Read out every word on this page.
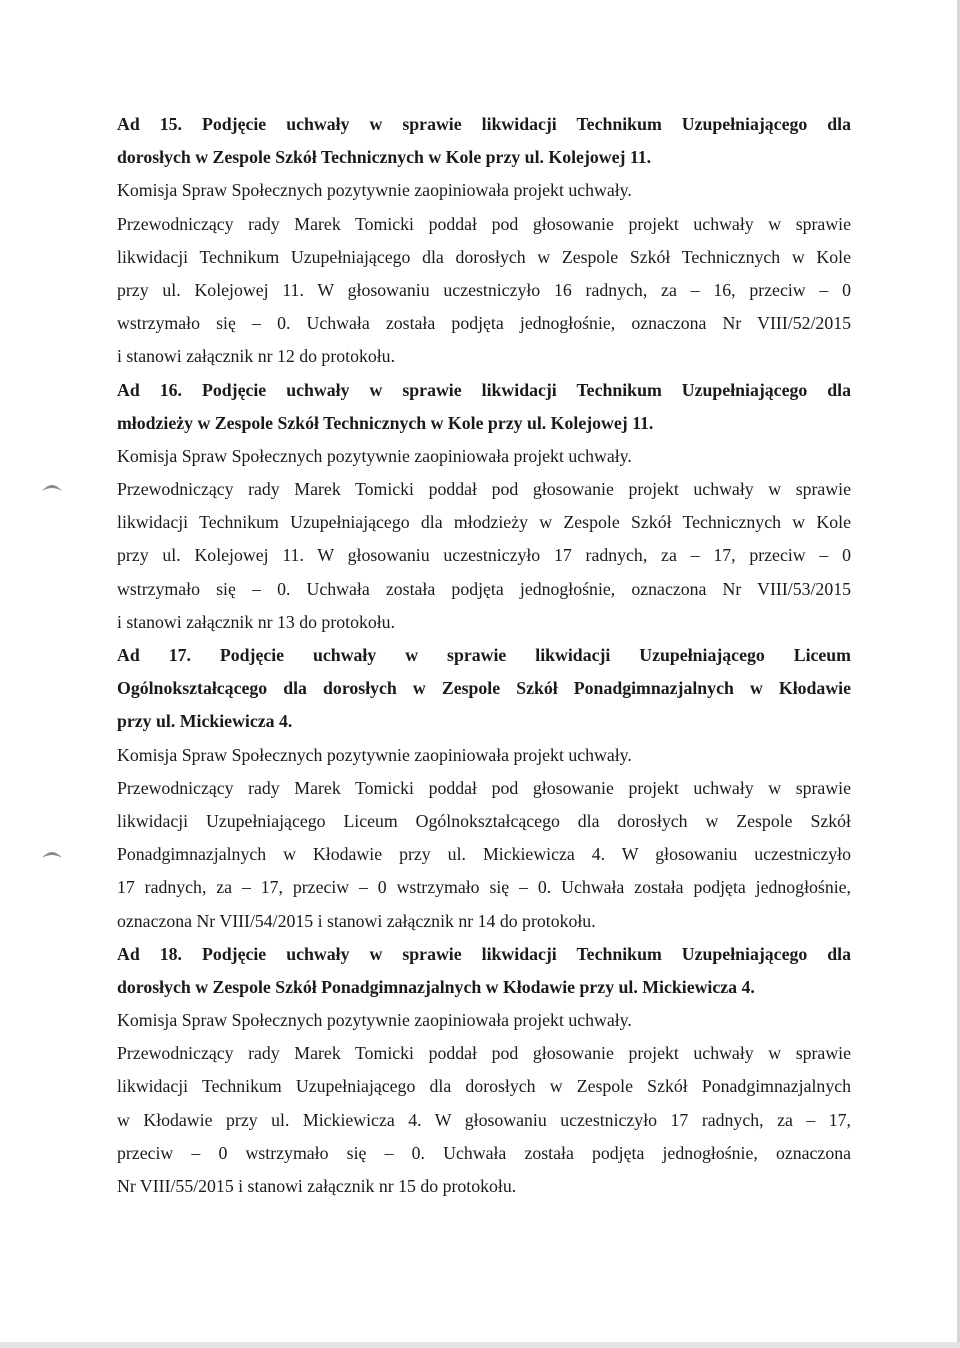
Ad 15. Podjęcie uchwały w sprawie likwidacji Technikum Uzupełniającego dla
dorosłych w Zespole Szkół Technicznych w Kole przy ul. Kolejowej 11.
Komisja Spraw Społecznych pozytywnie zaopiniowała projekt uchwały.
Przewodniczący rady Marek Tomicki poddał pod głosowanie projekt uchwały w sprawie
likwidacji Technikum Uzupełniającego dla dorosłych w Zespole Szkół Technicznych w Kole
przy ul. Kolejowej 11. W głosowaniu uczestniczyło 16 radnych, za – 16, przeciw – 0
wstrzymało się – 0. Uchwała została podjęta jednogłośnie, oznaczona Nr VIII/52/2015
i stanowi załącznik nr 12 do protokołu.
Ad 16. Podjęcie uchwały w sprawie likwidacji Technikum Uzupełniającego dla
młodzieży w Zespole Szkół Technicznych w Kole przy ul. Kolejowej 11.
Komisja Spraw Społecznych pozytywnie zaopiniowała projekt uchwały.
Przewodniczący rady Marek Tomicki poddał pod głosowanie projekt uchwały w sprawie
likwidacji Technikum Uzupełniającego dla młodzieży w Zespole Szkół Technicznych w Kole
przy ul. Kolejowej 11. W głosowaniu uczestniczyło 17 radnych, za – 17, przeciw – 0
wstrzymało się – 0. Uchwała została podjęta jednogłośnie, oznaczona Nr VIII/53/2015
i stanowi załącznik nr 13 do protokołu.
Ad 17. Podjęcie uchwały w sprawie likwidacji Uzupełniającego Liceum
Ogólnokształcącego dla dorosłych w Zespole Szkół Ponadgimnazjalnych w Kłodawie
przy ul. Mickiewicza 4.
Komisja Spraw Społecznych pozytywnie zaopiniowała projekt uchwały.
Przewodniczący rady Marek Tomicki poddał pod głosowanie projekt uchwały w sprawie
likwidacji Uzupełniającego Liceum Ogólnokształcącego dla dorosłych w Zespole Szkół
Ponadgimnazjalnych w Kłodawie przy ul. Mickiewicza 4. W głosowaniu uczestniczyło
17 radnych, za – 17, przeciw – 0 wstrzymało się – 0. Uchwała została podjęta jednogłośnie,
oznaczona Nr VIII/54/2015 i stanowi załącznik nr 14 do protokołu.
Ad 18. Podjęcie uchwały w sprawie likwidacji Technikum Uzupełniającego dla
dorosłych w Zespole Szkół Ponadgimnazjalnych w Kłodawie przy ul. Mickiewicza 4.
Komisja Spraw Społecznych pozytywnie zaopiniowała projekt uchwały.
Przewodniczący rady Marek Tomicki poddał pod głosowanie projekt uchwały w sprawie
likwidacji Technikum Uzupełniającego dla dorosłych w Zespole Szkół Ponadgimnazjalnych
w Kłodawie przy ul. Mickiewicza 4. W głosowaniu uczestniczyło 17 radnych, za – 17,
przeciw – 0 wstrzymało się – 0. Uchwała została podjęta jednogłośnie, oznaczona
Nr VIII/55/2015 i stanowi załącznik nr 15 do protokołu.
